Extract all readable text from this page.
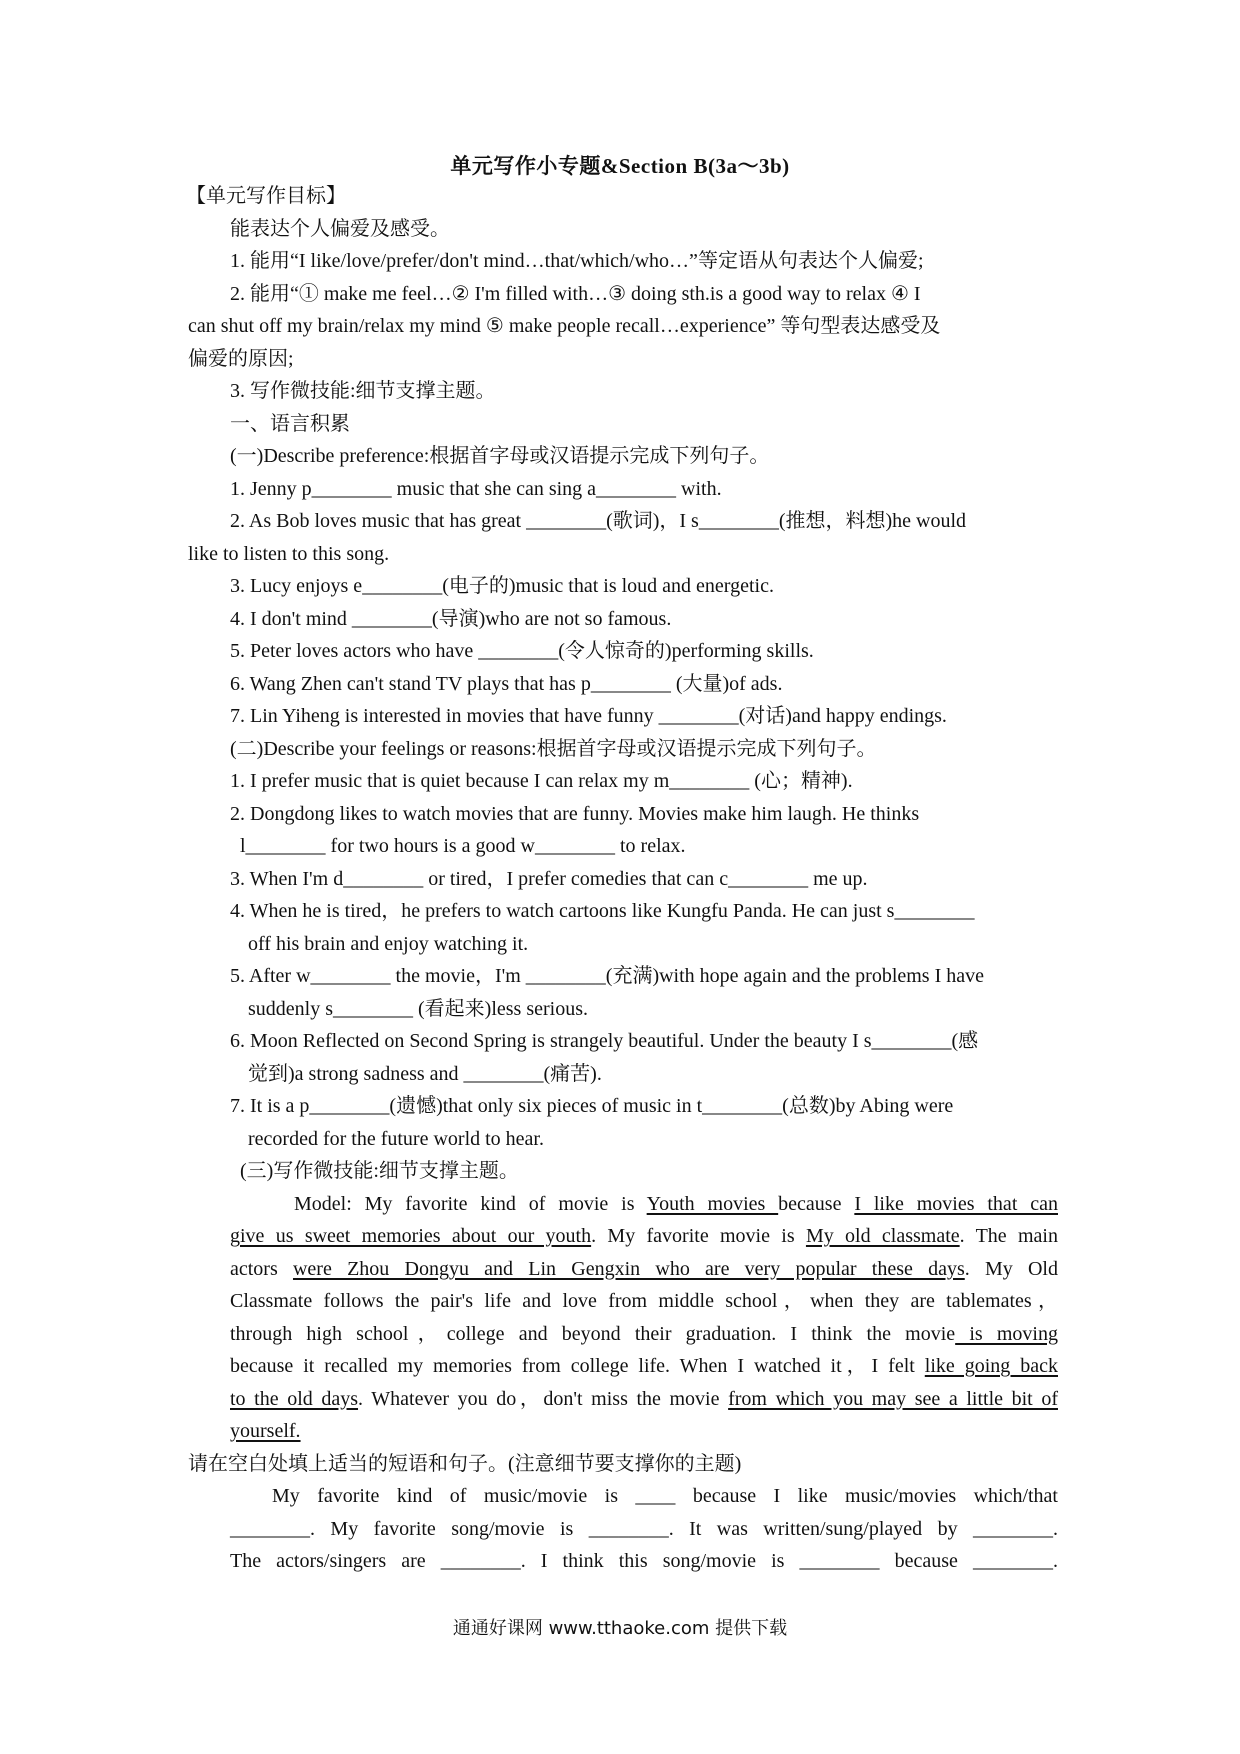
单元写作小专题&Section B(3a～3b)

【单元写作目标】

能表达个人偏爱及感受。

1. 能用“I like/love/prefer/don't mind…that/which/who…”等定语从句表达个人偏爱;

2. 能用“① make me feel…② I'm filled with…③ doing sth.is a good way to relax ④ I

can shut off my brain/relax my mind ⑤ make people recall…experience” 等句型表达感受及

偏爱的原因;

3. 写作微技能:细节支撑主题。

一、语言积累

(一)Describe preference:根据首字母或汉语提示完成下列句子。

1. Jenny p________ music that she can sing a________ with.

2. As Bob loves music that has great ________(歌词)，I s________(推想，料想)he would

like to listen to this song.

3. Lucy enjoys e________(电子的)music that is loud and energetic.

4. I don't mind ________(导演)who are not so famous.

5. Peter loves actors who have ________(令人惊奇的)performing skills.

6. Wang Zhen can't stand TV plays that has p________ (大量)of ads.

7. Lin Yiheng is interested in movies that have funny ________(对话)and happy endings.

(二)Describe your feelings or reasons:根据首字母或汉语提示完成下列句子。

1. I prefer music that is quiet because I can relax my m________ (心；精神).

2. Dongdong likes to watch movies that are funny. Movies make him laugh. He thinks

l________ for two hours is a good w________ to relax.

3. When I'm d________ or tired，I prefer comedies that can c________ me up.

4. When he is tired，he prefers to watch cartoons like Kungfu Panda. He can just s________

off his brain and enjoy watching it.

5. After w________ the movie，I'm ________(充满)with hope again and the problems I have

suddenly s________ (看起来)less serious.

6. Moon Reflected on Second Spring is strangely beautiful. Under the beauty I s________(感

觉到)a strong sadness and ________(痛苦).

7. It is a p________(遗憾)that only six pieces of music in t________(总数)by Abing were

recorded for the future world to hear.

(三)写作微技能:细节支撑主题。

Model: My favorite kind of movie is Youth movies because I like movies that can

give us sweet memories about our youth. My favorite movie is My old classmate. The main

actors were Zhou Dongyu and Lin Gengxin who are very popular these days. My Old

Classmate follows the pair's life and love from middle school，when they are tablemates，

through high school，college and beyond their graduation. I think the movie is moving

because it recalled my memories from college life. When I watched it，I felt like going back

to the old days. Whatever you do，don't miss the movie from which you may see a little bit of

yourself.

请在空白处填上适当的短语和句子。(注意细节要支撑你的主题)

My favorite kind of music/movie is ____ because I like music/movies which/that

________. My favorite song/movie is ________. It was written/sung/played by ________.

The actors/singers are ________. I think this song/movie is ________ because ________.

通通好课网 www.tthaoke.com 提供下载
